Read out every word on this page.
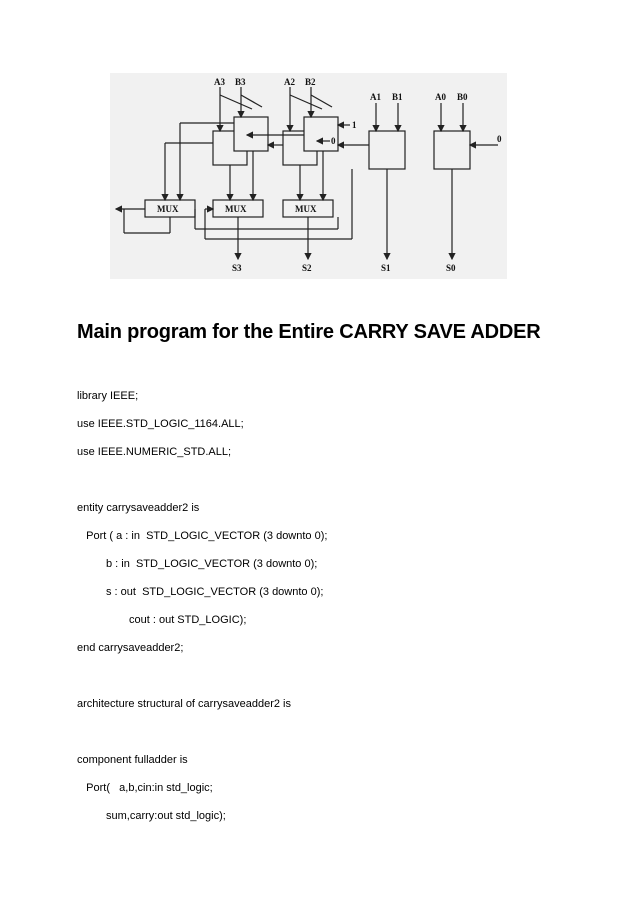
A3 B3	A2 B2
A1 B1	A0 B0
1
0	0
MUX	MUX	MUX
S3	S2	S1	S0
Main program for the Entire CARRY SAVE ADDER
library IEEE;
use IEEE.STD_LOGIC_1164.ALL;
use IEEE.NUMERIC_STD.ALL;
entity carrysaveadder2 is
Port ( a : in  STD_LOGIC_VECTOR (3 downto 0);
b : in  STD_LOGIC_VECTOR (3 downto 0);
s : out  STD_LOGIC_VECTOR (3 downto 0);
cout : out STD_LOGIC);
end carrysaveadder2;
architecture structural of carrysaveadder2 is
component fulladder is
Port(   a,b,cin:in std_logic;
sum,carry:out std_logic);
